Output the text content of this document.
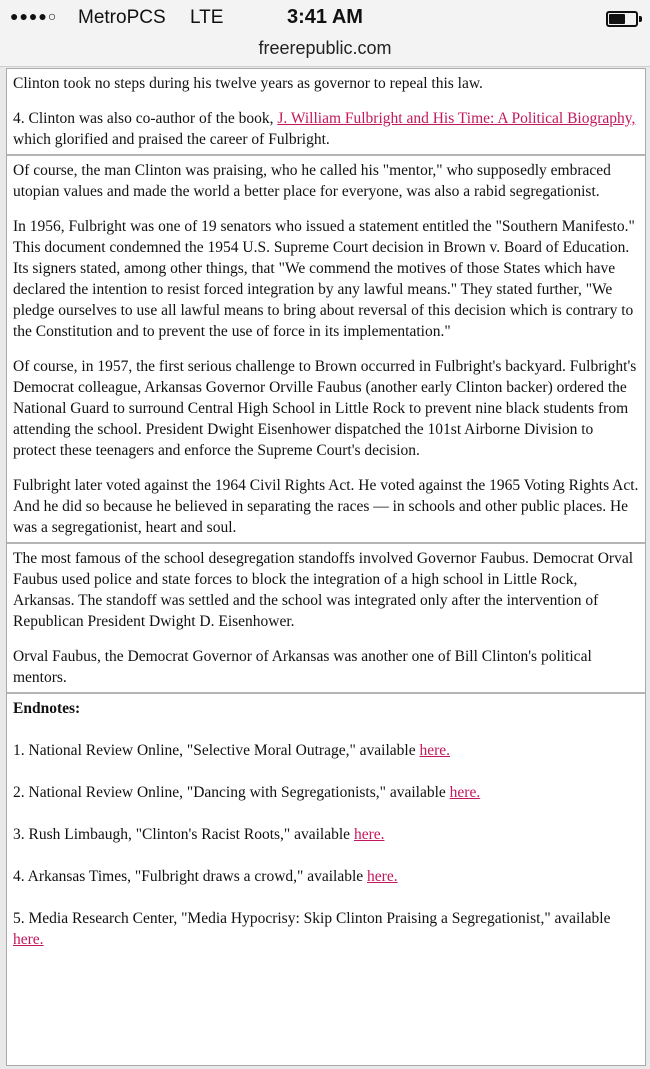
●●●●○ MetroPCS LTE	3:41 AM
freerepublic.com

Clinton took no steps during his twelve years as governor to repeal this law.

4. Clinton was also co-author of the book, J. William Fulbright and His Time: A Political Biography, which glorified and praised the career of Fulbright.

Of course, the man Clinton was praising, who he called his "mentor," who supposedly embraced utopian values and made the world a better place for everyone, was also a rabid segregationist.

In 1956, Fulbright was one of 19 senators who issued a statement entitled the "Southern Manifesto." This document condemned the 1954 U.S. Supreme Court decision in Brown v. Board of Education. Its signers stated, among other things, that "We commend the motives of those States which have declared the intention to resist forced integration by any lawful means." They stated further, "We pledge ourselves to use all lawful means to bring about reversal of this decision which is contrary to the Constitution and to prevent the use of force in its implementation."

Of course, in 1957, the first serious challenge to Brown occurred in Fulbright's backyard. Fulbright's Democrat colleague, Arkansas Governor Orville Faubus (another early Clinton backer) ordered the National Guard to surround Central High School in Little Rock to prevent nine black students from attending the school. President Dwight Eisenhower dispatched the 101st Airborne Division to protect these teenagers and enforce the Supreme Court's decision.

Fulbright later voted against the 1964 Civil Rights Act. He voted against the 1965 Voting Rights Act. And he did so because he believed in separating the races — in schools and other public places. He was a segregationist, heart and soul.

The most famous of the school desegregation standoffs involved Governor Faubus. Democrat Orval Faubus used police and state forces to block the integration of a high school in Little Rock, Arkansas. The standoff was settled and the school was integrated only after the intervention of Republican President Dwight D. Eisenhower.

Orval Faubus, the Democrat Governor of Arkansas was another one of Bill Clinton's political mentors.

Endnotes:
1. National Review Online, "Selective Moral Outrage," available here.
2. National Review Online, "Dancing with Segregationists," available here.
3. Rush Limbaugh, "Clinton's Racist Roots," available here.
4. Arkansas Times, "Fulbright draws a crowd," available here.
5. Media Research Center, "Media Hypocrisy: Skip Clinton Praising a Segregationist," available here.
